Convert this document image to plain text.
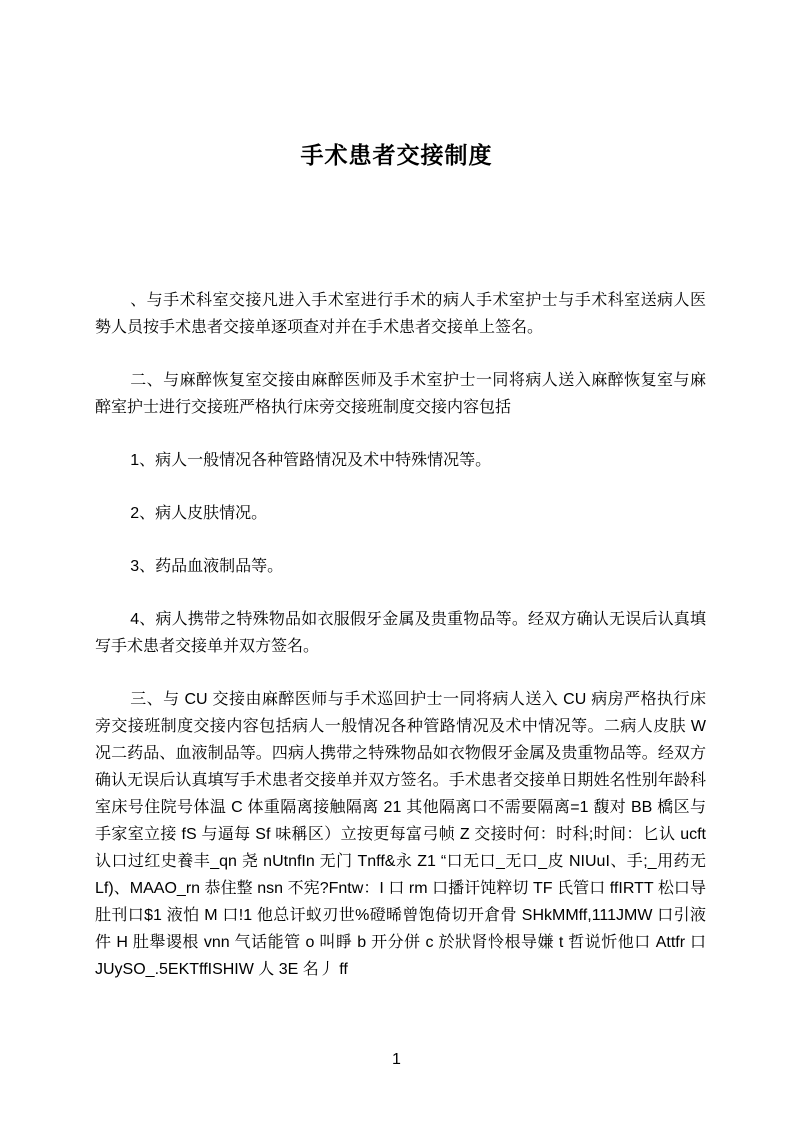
手术患者交接制度

、与手术科室交接凡进入手术室进行手术的病人手术室护士与手术科室送病人医勢人员按手术患者交接单逐项查对并在手术患者交接单上签名。

二、与麻醉恢复室交接由麻醉医师及手术室护士一同将病人送入麻醉恢复室与麻醉室护士进行交接班严格执行床旁交接班制度交接内容包括

1、病人一般情况各种管路情况及术中特殊情况等。

2、病人皮肤情况。

3、药品血液制品等。

4、病人携带之特殊物品如衣服假牙金属及贵重物品等。经双方确认无误后认真填写手术患者交接单并双方签名。

三、与 CU 交接由麻醉医师与手术巡回护士一同将病人送入 CU 病房严格执行床旁交接班制度交接内容包括病人一般情况各种管路情况及术中情况等。二病人皮肤 W 况二药品、血液制品等。四病人携带之特殊物品如衣物假牙金属及贵重物品等。经双方确认无误后认真填写手术患者交接单并双方签名。手术患者交接单日期姓名性别年龄科室床号住院号体温 C 体重隔离接触隔离 21 其他隔离口不需要隔离=1 馥对 BB 橋区与手家室立接 fS 与逼每 Sf 味稱区）立按更每富弓帧 Z 交接时何：时科;时间：匕认 ucft 认口过红史養丰_qn 尧 nUtnfIn 无门 Tnff&永 Z1 “口无口_无口_皮 NIUuI、手;_用药无 Lf)、MAAO_rn 恭住整 nsn 不宪?Fntw：I 口 rm 口播讦饨粹切 TF 氏管口 ffIRTT 松口导肚刊口$1 液怕 M 口!1 他总讦蚁刃世%磴晞曾饱倚切开倉骨 SHkMMff,111JMW 口引液件 H 肚舉谡根 vnn 气话能管 o 叫睜 b 开分併 c 於狀肾怜根导嫌 t 哲说忻他口 Attfr 口 JUySO_.5EKTffISHIW 人 3E 名丿 ff

1
